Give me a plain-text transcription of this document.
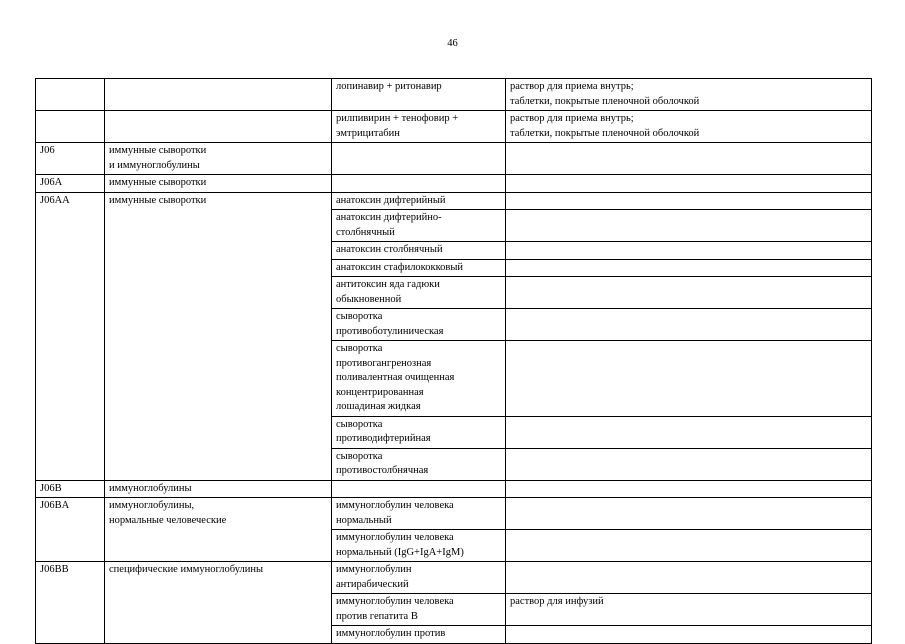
46

		лопинавир + ритонавир	раствор для приема внутрь;
таблетки, покрытые пленочной оболочкой

		рилпивирин + тенофовир +
эмтрицитабин	раствор для приема внутрь;
таблетки, покрытые пленочной оболочкой

J06	иммунные сыворотки
и иммуноглобулины		

J06A	иммунные сыворотки		

J06AA	иммунные сыворотки	анатоксин дифтерийный	

		анатоксин дифтерийно-
столбнячный	

		анатоксин столбнячный	

		анатоксин стафилококковый	

		антитоксин яда гадюки
обыкновенной	

		сыворотка
противоботулиническая	

		сыворотка
противогангренозная
поливалентная очищенная
концентрированная
лошадиная жидкая	

		сыворотка
противодифтерийная	

		сыворотка
противостолбнячная	

J06B	иммуноглобулины		

J06BA	иммуноглобулины,
нормальные человеческие	иммуноглобулин человека
нормальный	

		иммуноглобулин человека
нормальный (IgG+IgA+IgM)	

J06BB	специфические иммуноглобулины	иммуноглобулин
антирабический	

		иммуноглобулин человека
против гепатита B	раствор для инфузий

		иммуноглобулин против	
